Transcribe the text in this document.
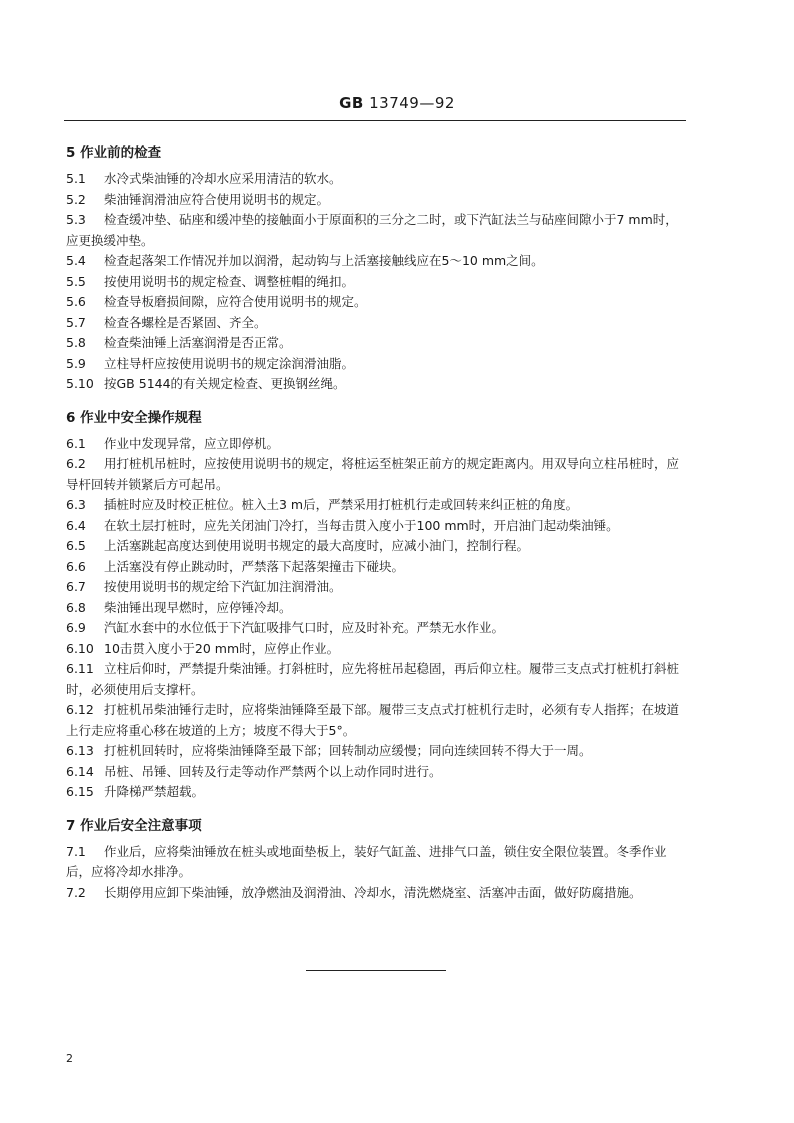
GB 13749—92
5 作业前的检查
5.1 水冷式柴油锤的冷却水应采用清洁的软水。
5.2 柴油锤润滑油应符合使用说明书的规定。
5.3 检查缓冲垫、砧座和缓冲垫的接触面小于原面积的三分之二时，或下汽缸法兰与砧座间隙小于7 mm时，应更换缓冲垫。
5.4 检查起落架工作情况并加以润滑，起动钩与上活塞接触线应在5～10 mm之间。
5.5 按使用说明书的规定检查、调整桩帽的绳扣。
5.6 检查导板磨损间隙，应符合使用说明书的规定。
5.7 检查各螺栓是否紧固、齐全。
5.8 检查柴油锤上活塞润滑是否正常。
5.9 立柱导杆应按使用说明书的规定涂润滑油脂。
5.10 按GB 5144的有关规定检查、更换钢丝绳。
6 作业中安全操作规程
6.1 作业中发现异常，应立即停机。
6.2 用打桩机吊桩时，应按使用说明书的规定，将桩运至桩架正前方的规定距离内。用双导向立柱吊桩时，应导杆回转并锁紧后方可起吊。
6.3 插桩时应及时校正桩位。桩入土3 m后，严禁采用打桩机行走或回转来纠正桩的角度。
6.4 在软土层打桩时，应先关闭油门冷打，当每击贯入度小于100 mm时，开启油门起动柴油锤。
6.5 上活塞跳起高度达到使用说明书规定的最大高度时，应减小油门，控制行程。
6.6 上活塞没有停止跳动时，严禁落下起落架撞击下碰块。
6.7 按使用说明书的规定给下汽缸加注润滑油。
6.8 柴油锤出现早燃时，应停锤冷却。
6.9 汽缸水套中的水位低于下汽缸吸排气口时，应及时补充。严禁无水作业。
6.10 10击贯入度小于20 mm时，应停止作业。
6.11 立柱后仰时，严禁提升柴油锤。打斜桩时，应先将桩吊起稳固，再后仰立柱。履带三支点式打桩机打斜桩时，必须使用后支撑杆。
6.12 打桩机吊柴油锤行走时，应将柴油锤降至最下部。履带三支点式打桩机行走时，必须有专人指挥；在坡道上行走应将重心移在坡道的上方；坡度不得大于5°。
6.13 打桩机回转时，应将柴油锤降至最下部；回转制动应缓慢；同向连续回转不得大于一周。
6.14 吊桩、吊锤、回转及行走等动作严禁两个以上动作同时进行。
6.15 升降梯严禁超载。
7 作业后安全注意事项
7.1 作业后，应将柴油锤放在桩头或地面垫板上，装好气缸盖、进排气口盖，锁住安全限位装置。冬季作业后，应将冷却水排净。
7.2 长期停用应卸下柴油锤，放净燃油及润滑油、冷却水，清洗燃烧室、活塞冲击面，做好防腐措施。
2
